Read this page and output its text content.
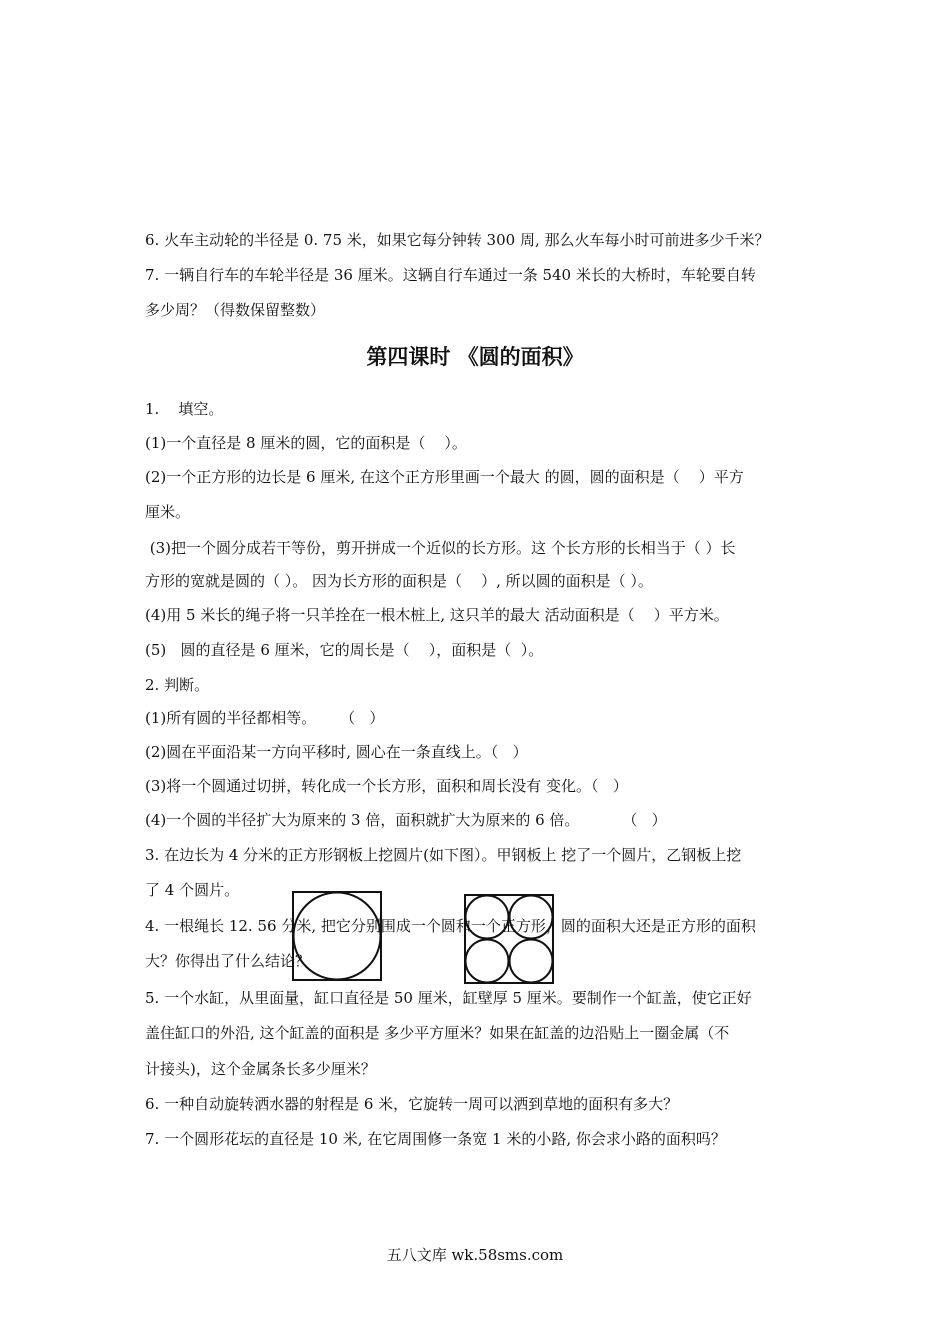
6. 火车主动轮的半径是 0. 75 米，如果它每分钟转 300 周, 那么火车每小时可前进多少千米？
7. 一辆自行车的车轮半径是 36 厘米。这辆自行车通过一条 540 米长的大桥时，车轮要自转
多少周？（得数保留整数）
第四课时 《圆的面积》
1.    填空。
(1)一个直径是 8 厘米的圆，它的面积是（    ）。
(2)一个正方形的边长是 6 厘米, 在这个正方形里画一个最大 的圆，圆的面积是（    ）平方
厘米。
(3)把一个圆分成若干等份，剪开拼成一个近似的长方形。这 个长方形的长相当于（ ）长
方形的宽就是圆的（ ）。 因为长方形的面积是（    ）, 所以圆的面积是（ ）。
(4)用 5 米长的绳子将一只羊拴在一根木桩上, 这只羊的最大 活动面积是（    ）平方米。
(5)   圆的直径是 6 厘米，它的周长是（    ），面积是（  ）。
2. 判断。
(1)所有圆的半径都相等。     （   ）
(2)圆在平面沿某一方向平移时, 圆心在一条直线上。（   ）
(3)将一个圆通过切拼，转化成一个长方形，面积和周长没有 变化。（   ）
(4)一个圆的半径扩大为原来的 3 倍，面积就扩大为原来的 6 倍。         （   ）
3. 在边长为 4 分米的正方形钢板上挖圆片(如下图）。甲钢板上 挖了一个圆片，乙钢板上挖
了 4 个圆片。
4. 一根绳长 12. 56 分米, 把它分别围成一个圆和一个正方形，圆的面积大还是正方形的面积
大？你得出了什么结论？
5. 一个水缸，从里面量，缸口直径是 50 厘米，缸壁厚 5 厘米。要制作一个缸盖，使它正好
盖住缸口的外沿, 这个缸盖的面积是 多少平方厘米？如果在缸盖的边沿贴上一圈金属（不
计接头)，这个金属条长多少厘米？
6. 一种自动旋转洒水器的射程是 6 米，它旋转一周可以洒到草地的面积有多大？
7. 一个圆形花坛的直径是 10 米, 在它周围修一条宽 1 米的小路, 你会求小路的面积吗？
五八文库 wk.58sms.com
